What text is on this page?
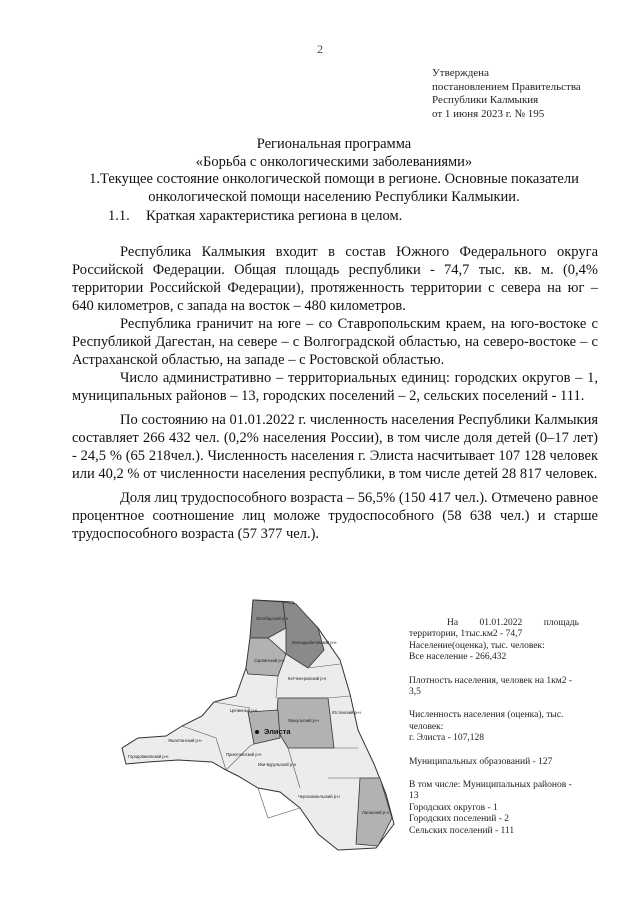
2
Утверждена
постановлением Правительства
Республики Калмыкия
от 1 июня 2023 г. № 195
Региональная программа
«Борьба с онкологическими заболеваниями»
1.Текущее состояние онкологической помощи в регионе. Основные показатели
онкологической помощи населению Республики Калмыкии.
1.1. Краткая характеристика региона в целом.

Республика Калмыкия входит в состав Южного Федерального округа Российской Федерации. Общая площадь республики - 74,7 тыс. кв. м. (0,4% территории Российской Федерации), протяженность территории с севера на юг – 640 километров, с запада на восток – 480 километров.

Республика граничит на юге – со Ставропольским краем, на юго-востоке с Республикой Дагестан, на севере – с Волгоградской областью, на северо-востоке – с Астраханской областью, на западе – с Ростовской областью.

Число административно – территориальных единиц: городских округов – 1, муниципальных районов – 13, городских поселений – 2, сельских поселений - 111.

По состоянию на 01.01.2022 г. численность населения Республики Калмыкия составляет 266 432 чел. (0,2% населения России), в том числе доля детей (0–17 лет) - 24,5 % (65 218чел.). Численность населения г. Элиста насчитывает 107 128 человек или 40,2 % от численности населения республики, в том числе детей 28 817 человек.

Доля лиц трудоспособного возраста – 56,5% (150 417 чел.). Отмечено равное процентное соотношение лиц моложе трудоспособного (58 638 чел.) и старше трудоспособного возраста (57 377 чел.).

Элиста
Октябрьский р-н
Малодербетовский р-н
Кетченеровский р-н
Сарпинский р-н
Целинный р-н
Приютненский р-н
Яшкульский р-н
Юстинский р-н
Ики-Бурульский р-н
Городовиковский р-н
Яшалтинский р-н
Лаганский р-н
Черноземельский р-н
На 01.01.2022 площадь
территории, 1тыс.км2 - 74,7
Население(оценка), тыс. человек:
Все население - 266,432
Плотность населения, человек на 1км2 -
3,5
Численность населения (оценка), тыс.
человек:
г. Элиста - 107,128
Муниципальных образований - 127
В том числе: Муниципальных районов -
13
Городских округов - 1
Городских поселений - 2
Сельских поселений - 111
